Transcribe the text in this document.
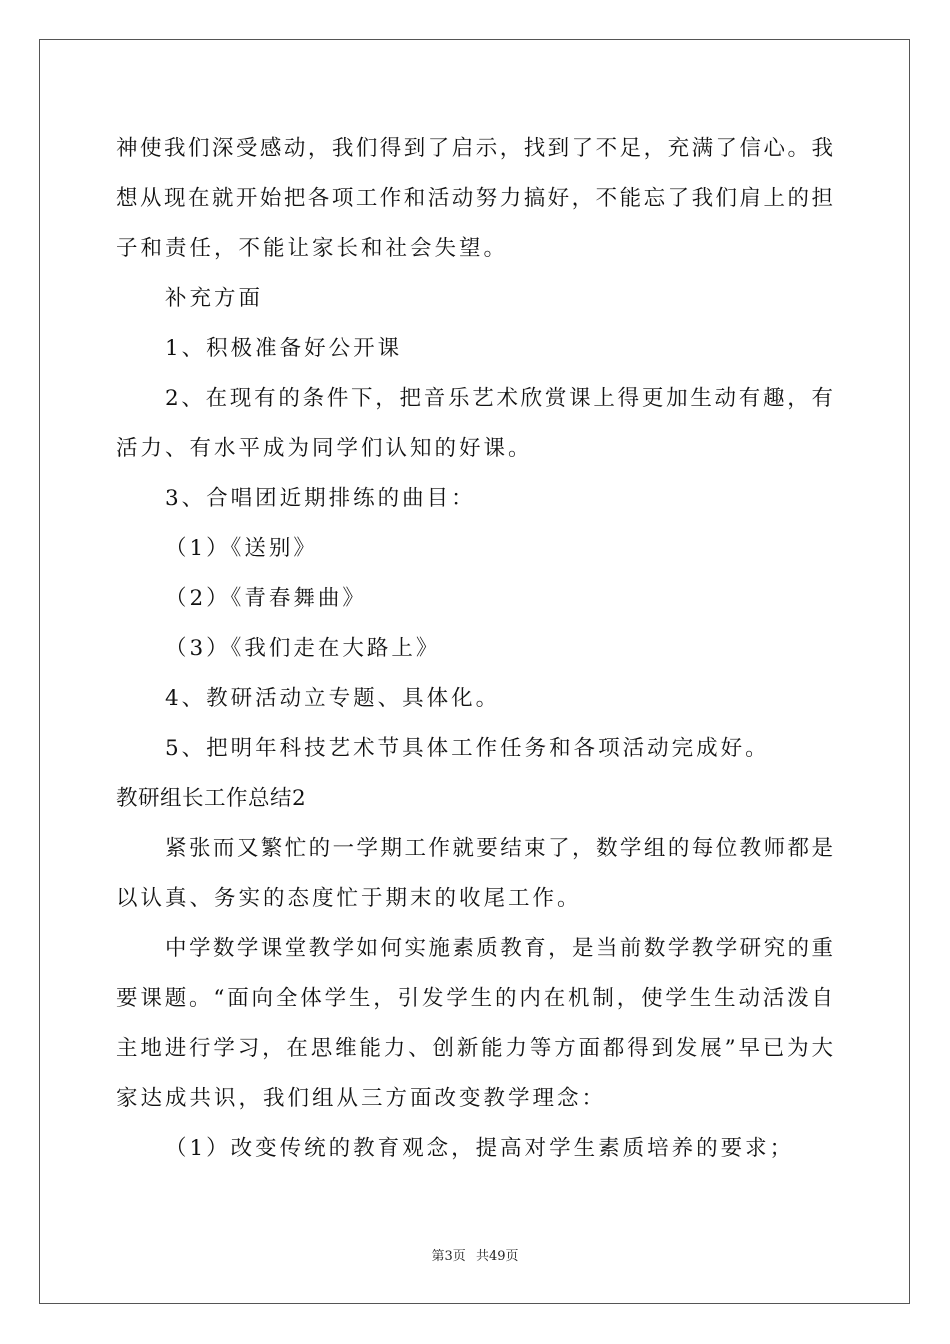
神使我们深受感动，我们得到了启示，找到了不足，充满了信心。我
想从现在就开始把各项工作和活动努力搞好，不能忘了我们肩上的担
子和责任，不能让家长和社会失望。
补充方面
1、积极准备好公开课
2、在现有的条件下，把音乐艺术欣赏课上得更加生动有趣，有
活力、有水平成为同学们认知的好课。
3、合唱团近期排练的曲目：
（1）《送别》
（2）《青春舞曲》
（3）《我们走在大路上》
4、教研活动立专题、具体化。
5、把明年科技艺术节具体工作任务和各项活动完成好。
教研组长工作总结2
紧张而又繁忙的一学期工作就要结束了，数学组的每位教师都是
以认真、务实的态度忙于期末的收尾工作。
中学数学课堂教学如何实施素质教育，是当前数学教学研究的重
要课题。“面向全体学生，引发学生的内在机制，使学生生动活泼自
主地进行学习，在思维能力、创新能力等方面都得到发展”早已为大
家达成共识，我们组从三方面改变教学理念：
（1）改变传统的教育观念，提高对学生素质培养的要求；
第3页 共49页
